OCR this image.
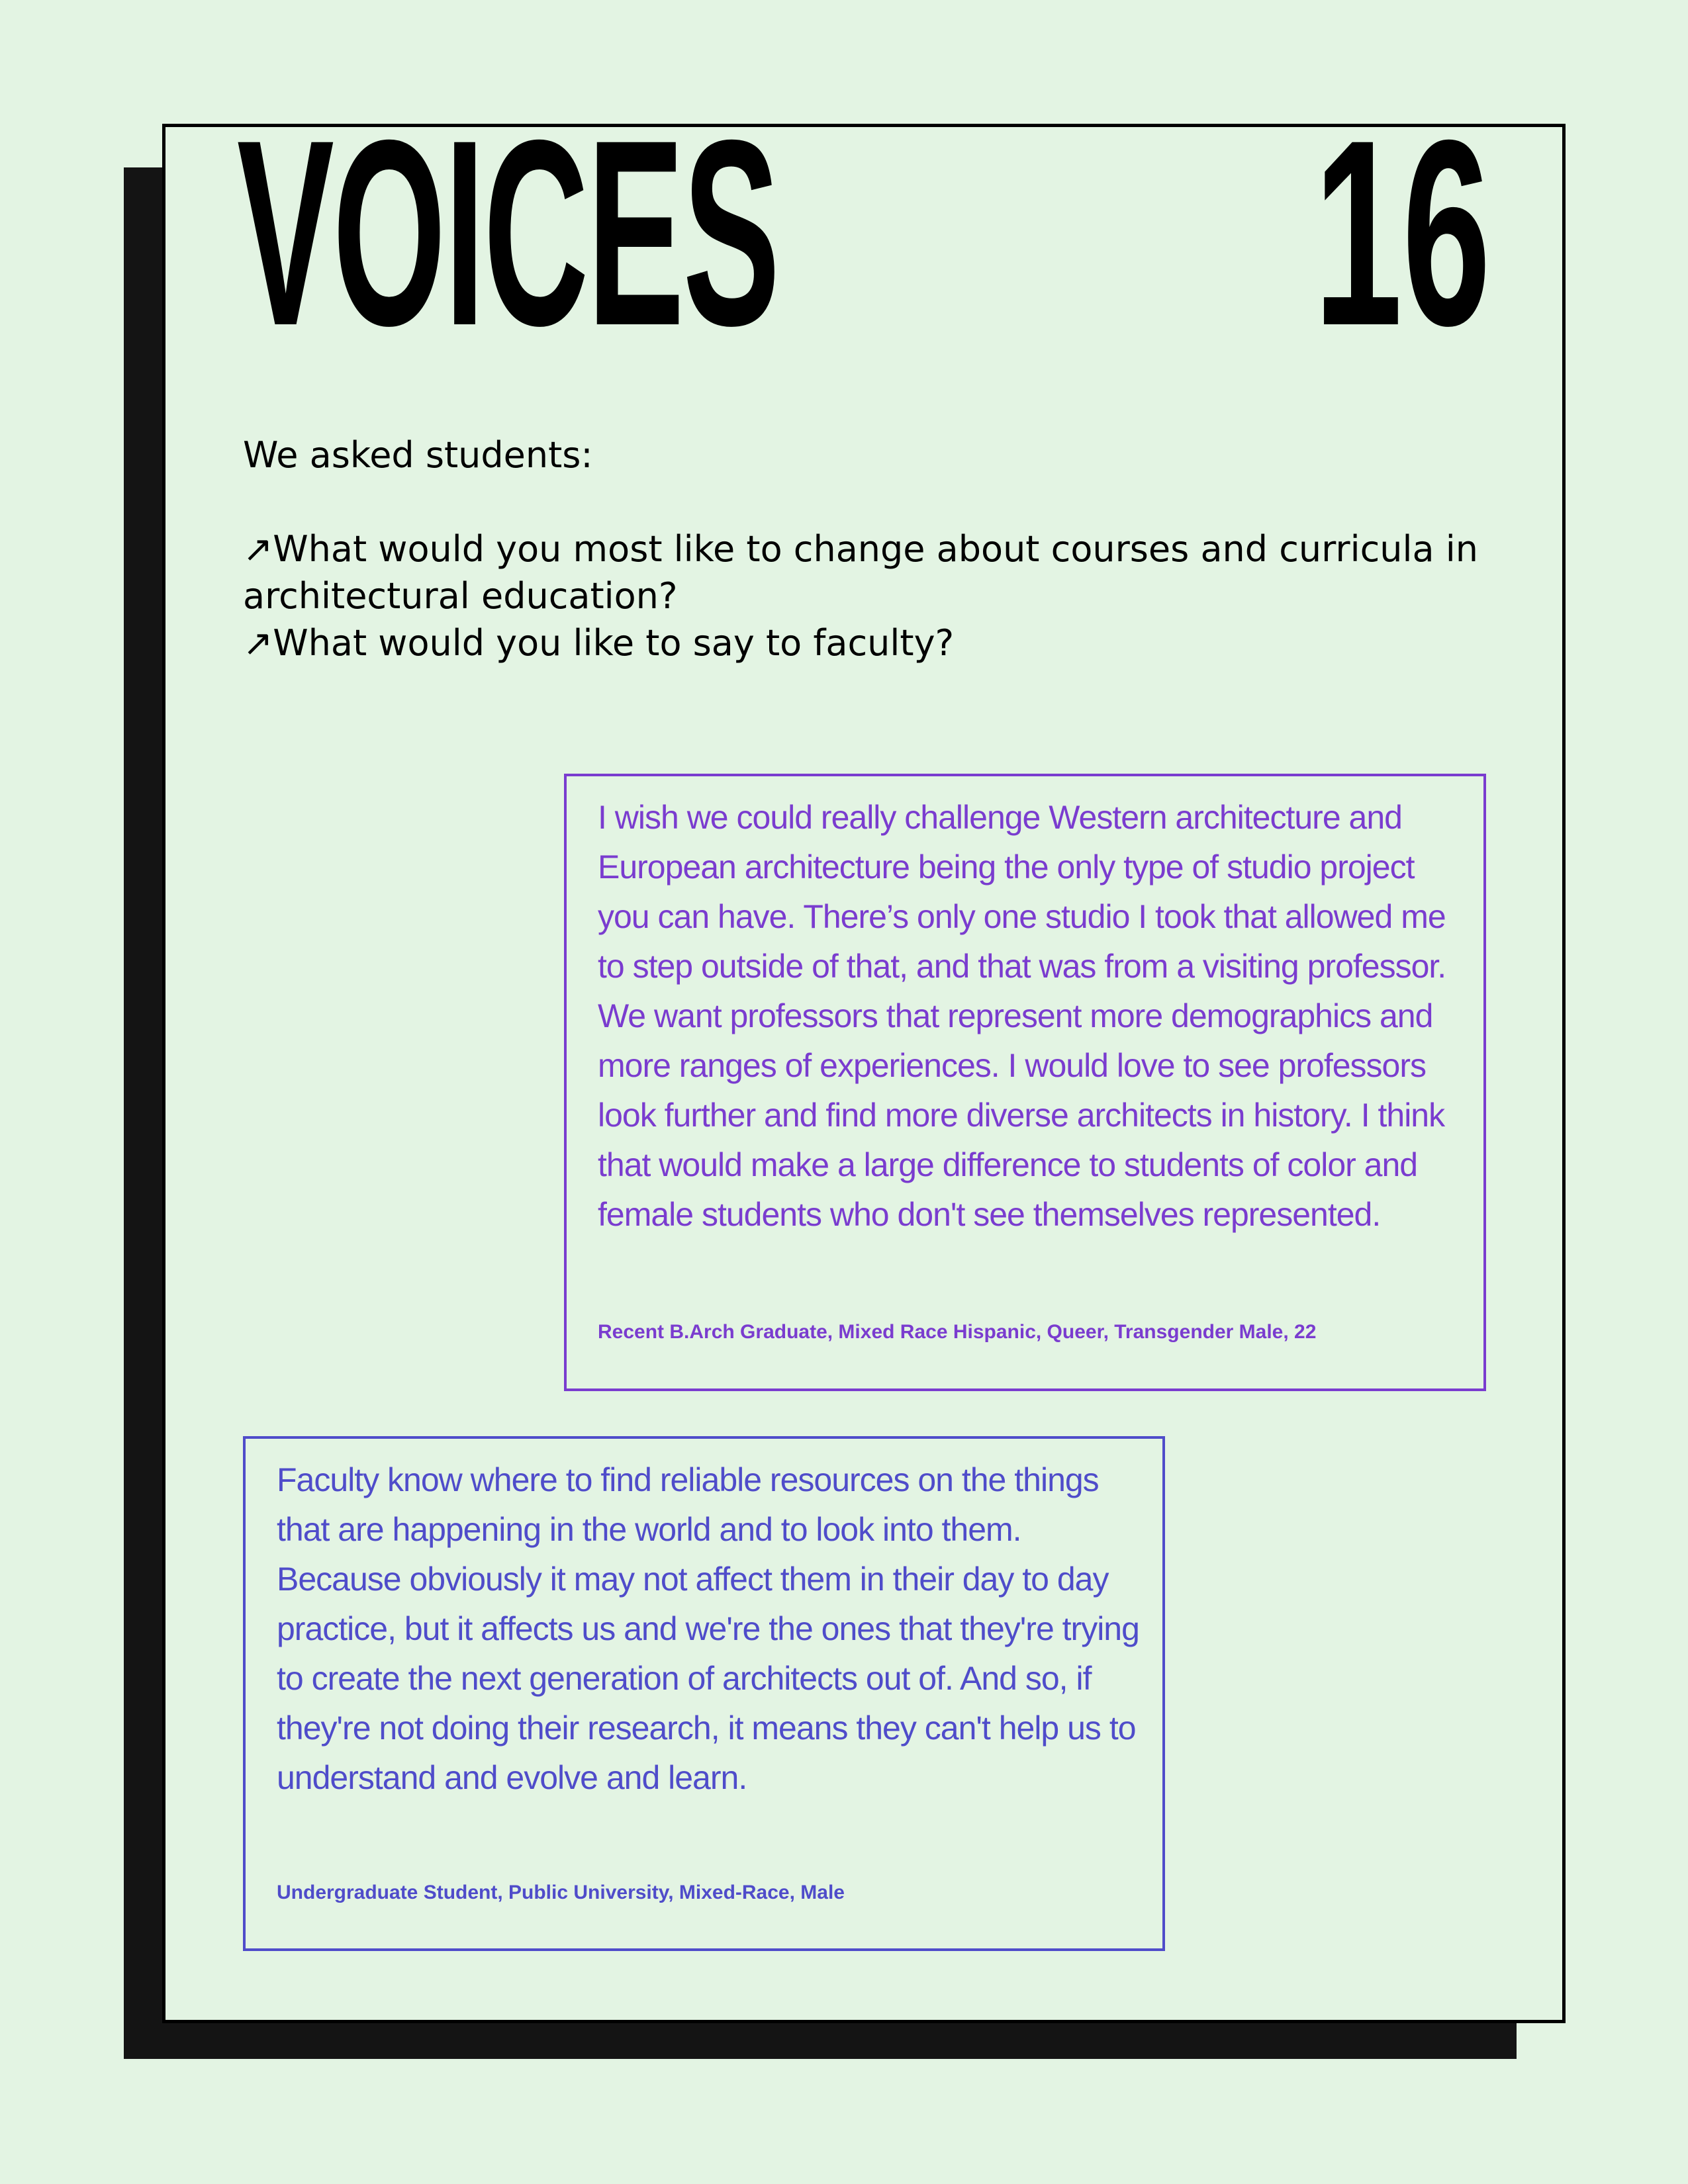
VOICES 16

We asked students:

↗What would you most like to change about courses and curricula in architectural education?

↗What would you like to say to faculty?

I wish we could really challenge Western architecture and European architecture being the only type of studio project you can have. There’s only one studio I took that allowed me to step outside of that, and that was from a visiting professor. We want professors that represent more demographics and more ranges of experiences. I would love to see professors look further and find more diverse architects in history. I think that would make a large difference to students of color and female students who don't see themselves represented.

Recent B.Arch Graduate, Mixed Race Hispanic, Queer, Transgender Male, 22

Faculty know where to find reliable resources on the things that are happening in the world and to look into them. Because obviously it may not affect them in their day to day practice, but it affects us and we're the ones that they're trying to create the next generation of architects out of. And so, if they're not doing their research, it means they can't help us to understand and evolve and learn.

Undergraduate Student, Public University, Mixed-Race, Male
